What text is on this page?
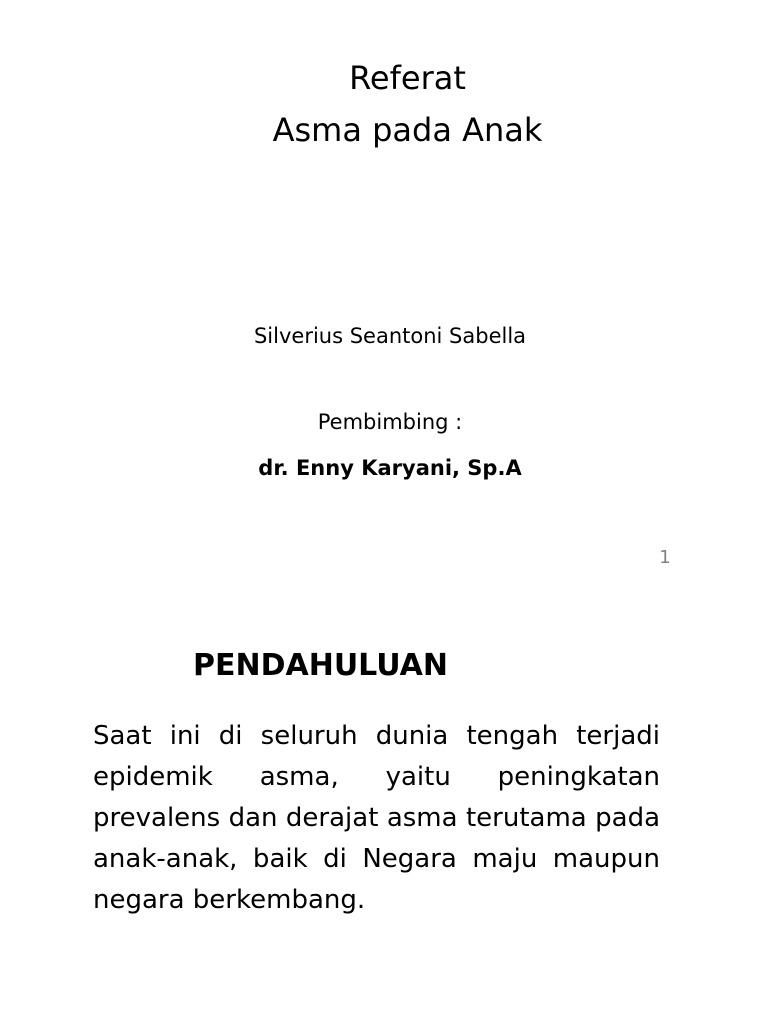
Referat
Asma pada Anak
Silverius Seantoni Sabella
Pembimbing :
dr. Enny Karyani, Sp.A
1
PENDAHULUAN

Saat ini di seluruh dunia tengah terjadi epidemik asma, yaitu peningkatan prevalens dan derajat asma terutama pada anak-anak, baik di Negara maju maupun negara berkembang.
